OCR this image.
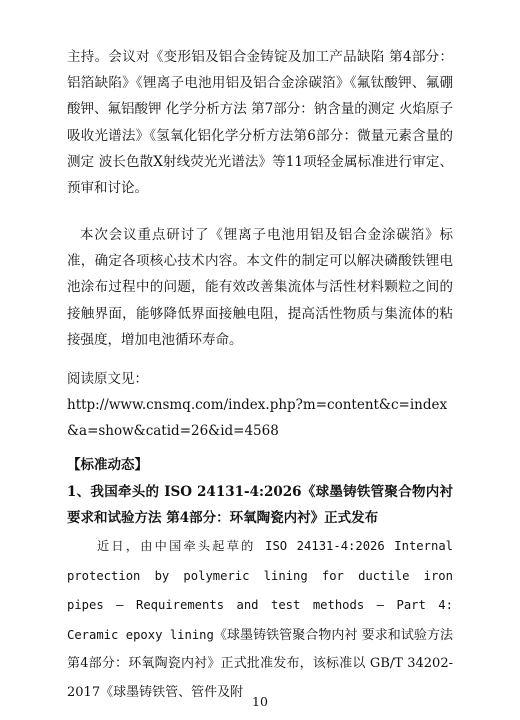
主持。会议对《变形铝及铝合金铸锭及加工产品缺陷 第4部分：铝箔缺陷》《锂离子电池用铝及铝合金涂碳箔》《氟钛酸钾、氟硼酸钾、氟铝酸钾 化学分析方法 第7部分：钠含量的测定 火焰原子吸收光谱法》《氢氧化铝化学分析方法第6部分：微量元素含量的测定 波长色散X射线荧光光谱法》等11项轻金属标准进行审定、预审和讨论。

本次会议重点研讨了《锂离子电池用铝及铝合金涂碳箔》标准，确定各项核心技术内容。本文件的制定可以解决磷酸铁锂电池涂布过程中的问题，能有效改善集流体与活性材料颗粒之间的接触界面，能够降低界面接触电阻，提高活性物质与集流体的粘接强度，增加电池循环寿命。

阅读原文见：
http://www.cnsmq.com/index.php?m=content&c=index&a=show&catid=26&id=4568

【标准动态】

1、我国牵头的 ISO 24131-4:2026《球墨铸铁管聚合物内衬 要求和试验方法 第4部分：环氧陶瓷内衬》正式发布

近日，由中国牵头起草的 ISO 24131-4:2026 Internal protection by polymeric lining for ductile iron pipes — Requirements and test methods — Part 4: Ceramic epoxy lining《球墨铸铁管聚合物内衬 要求和试验方法 第4部分：环氧陶瓷内衬》正式批准发布，该标准以 GB/T 34202-2017《球墨铸铁管、管件及附

10
